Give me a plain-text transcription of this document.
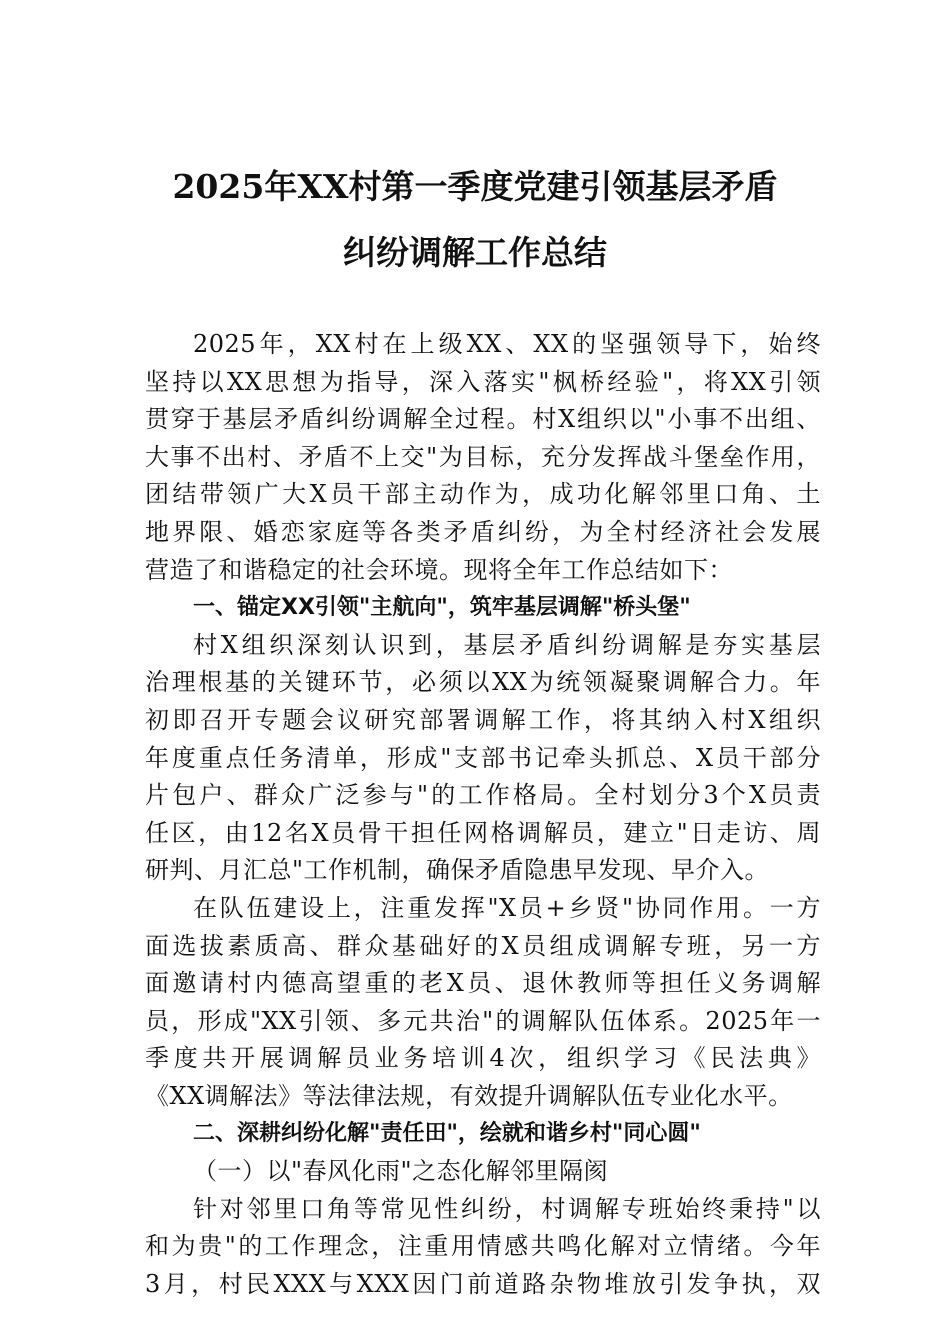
2025年XX村第一季度党建引领基层矛盾
纠纷调解工作总结
2025年，XX村在上级XX、XX的坚强领导下，始终
坚持以XX思想为指导，深入落实"枫桥经验"，将XX引领
贯穿于基层矛盾纠纷调解全过程。村X组织以"小事不出组、
大事不出村、矛盾不上交"为目标，充分发挥战斗堡垒作用，
团结带领广大X员干部主动作为，成功化解邻里口角、土
地界限、婚恋家庭等各类矛盾纠纷，为全村经济社会发展
营造了和谐稳定的社会环境。现将全年工作总结如下：
一、锚定XX引领"主航向"，筑牢基层调解"桥头堡"
村X组织深刻认识到，基层矛盾纠纷调解是夯实基层
治理根基的关键环节，必须以XX为统领凝聚调解合力。年
初即召开专题会议研究部署调解工作，将其纳入村X组织
年度重点任务清单，形成"支部书记牵头抓总、X员干部分
片包户、群众广泛参与"的工作格局。全村划分3个X员责
任区，由12名X员骨干担任网格调解员，建立"日走访、周
研判、月汇总"工作机制，确保矛盾隐患早发现、早介入。
在队伍建设上，注重发挥"X员+乡贤"协同作用。一方
面选拔素质高、群众基础好的X员组成调解专班，另一方
面邀请村内德高望重的老X员、退休教师等担任义务调解
员，形成"XX引领、多元共治"的调解队伍体系。2025年一
季度共开展调解员业务培训4次，组织学习《民法典》
《XX调解法》等法律法规，有效提升调解队伍专业化水平。
二、深耕纠纷化解"责任田"，绘就和谐乡村"同心圆"
（一）以"春风化雨"之态化解邻里隔阂
针对邻里口角等常见性纠纷，村调解专班始终秉持"以
和为贵"的工作理念，注重用情感共鸣化解对立情绪。今年
3月，村民XXX与XXX因门前道路杂物堆放引发争执，双
